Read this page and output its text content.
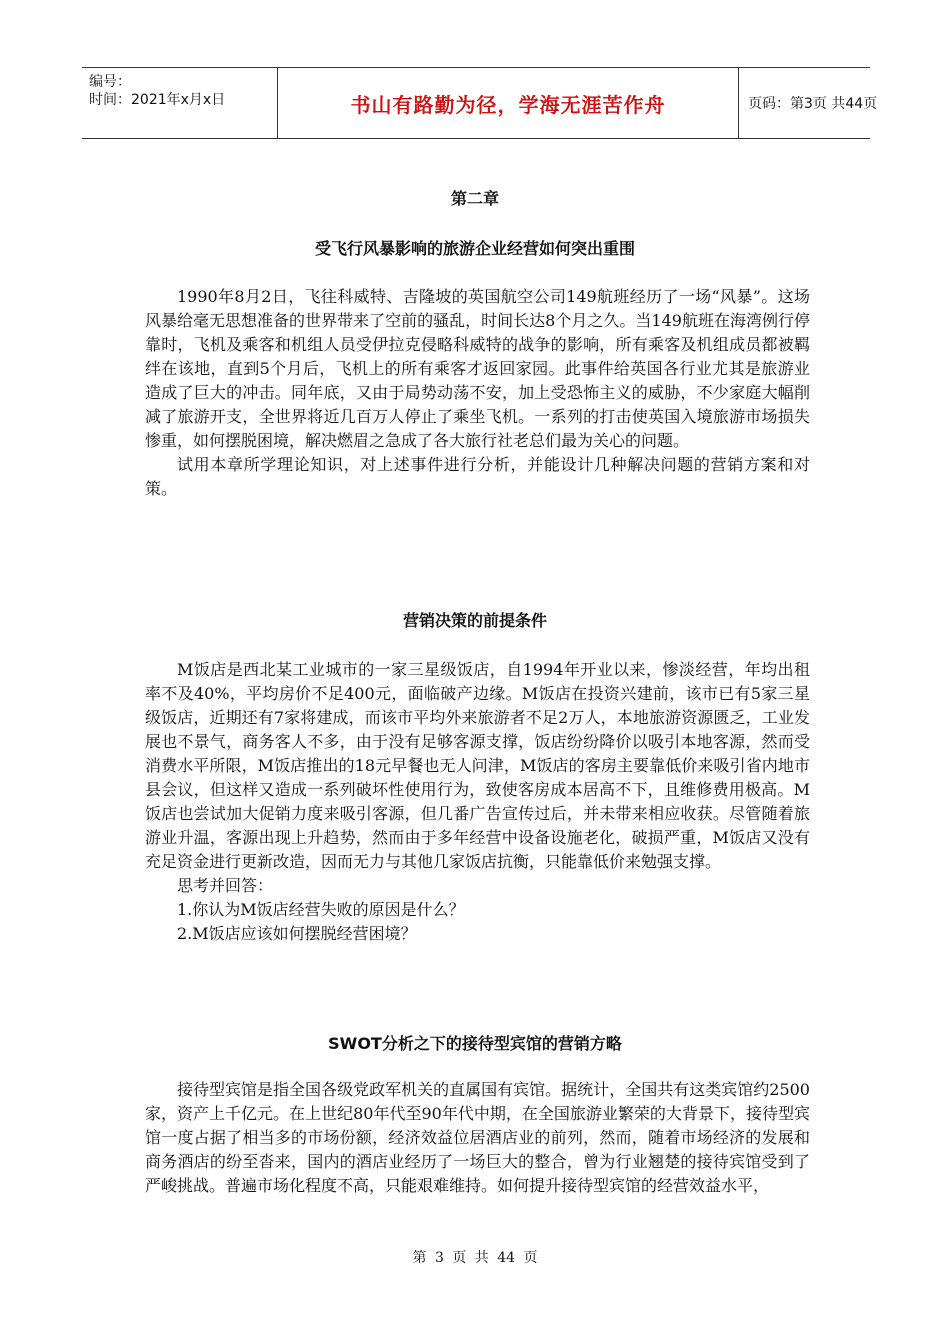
编号：
时间：2021年x月x日	书山有路勤为径，学海无涯苦作舟	页码：第3页 共44页
第二章
受飞行风暴影响的旅游企业经营如何突出重围

1990年8月2日，飞往科威特、吉隆坡的英国航空公司149航班经历了一场“风暴”。这场风暴给毫无思想准备的世界带来了空前的骚乱，时间长达8个月之久。当149航班在海湾例行停靠时，飞机及乘客和机组人员受伊拉克侵略科威特的战争的影响，所有乘客及机组成员都被羁绊在该地，直到5个月后，飞机上的所有乘客才返回家园。此事件给英国各行业尤其是旅游业造成了巨大的冲击。同年底，又由于局势动荡不安，加上受恐怖主义的威胁，不少家庭大幅削减了旅游开支，全世界将近几百万人停止了乘坐飞机。一系列的打击使英国入境旅游市场损失惨重，如何摆脱困境，解决燃眉之急成了各大旅行社老总们最为关心的问题。

试用本章所学理论知识，对上述事件进行分析，并能设计几种解决问题的营销方案和对策。

营销决策的前提条件

M饭店是西北某工业城市的一家三星级饭店，自1994年开业以来，惨淡经营，年均出租率不及40%，平均房价不足400元，面临破产边缘。M饭店在投资兴建前，该市已有5家三星级饭店，近期还有7家将建成，而该市平均外来旅游者不足2万人，本地旅游资源匮乏，工业发展也不景气，商务客人不多，由于没有足够客源支撑，饭店纷纷降价以吸引本地客源，然而受消费水平所限，M饭店推出的18元早餐也无人问津，M饭店的客房主要靠低价来吸引省内地市县会议，但这样又造成一系列破坏性使用行为，致使客房成本居高不下，且维修费用极高。M饭店也尝试加大促销力度来吸引客源，但几番广告宣传过后，并未带来相应收获。尽管随着旅游业升温，客源出现上升趋势，然而由于多年经营中设备设施老化，破损严重，M饭店又没有充足资金进行更新改造，因而无力与其他几家饭店抗衡，只能靠低价来勉强支撑。

思考并回答：

1.你认为M饭店经营失败的原因是什么？

2.M饭店应该如何摆脱经营困境？

SWOT分析之下的接待型宾馆的营销方略

接待型宾馆是指全国各级党政军机关的直属国有宾馆。据统计，全国共有这类宾馆约2500家，资产上千亿元。在上世纪80年代至90年代中期，在全国旅游业繁荣的大背景下，接待型宾馆一度占据了相当多的市场份额，经济效益位居酒店业的前列，然而，随着市场经济的发展和商务酒店的纷至沓来，国内的酒店业经历了一场巨大的整合，曾为行业翘楚的接待宾馆受到了严峻挑战。普遍市场化程度不高，只能艰难维持。如何提升接待型宾馆的经营效益水平，

第 3 页 共 44 页
